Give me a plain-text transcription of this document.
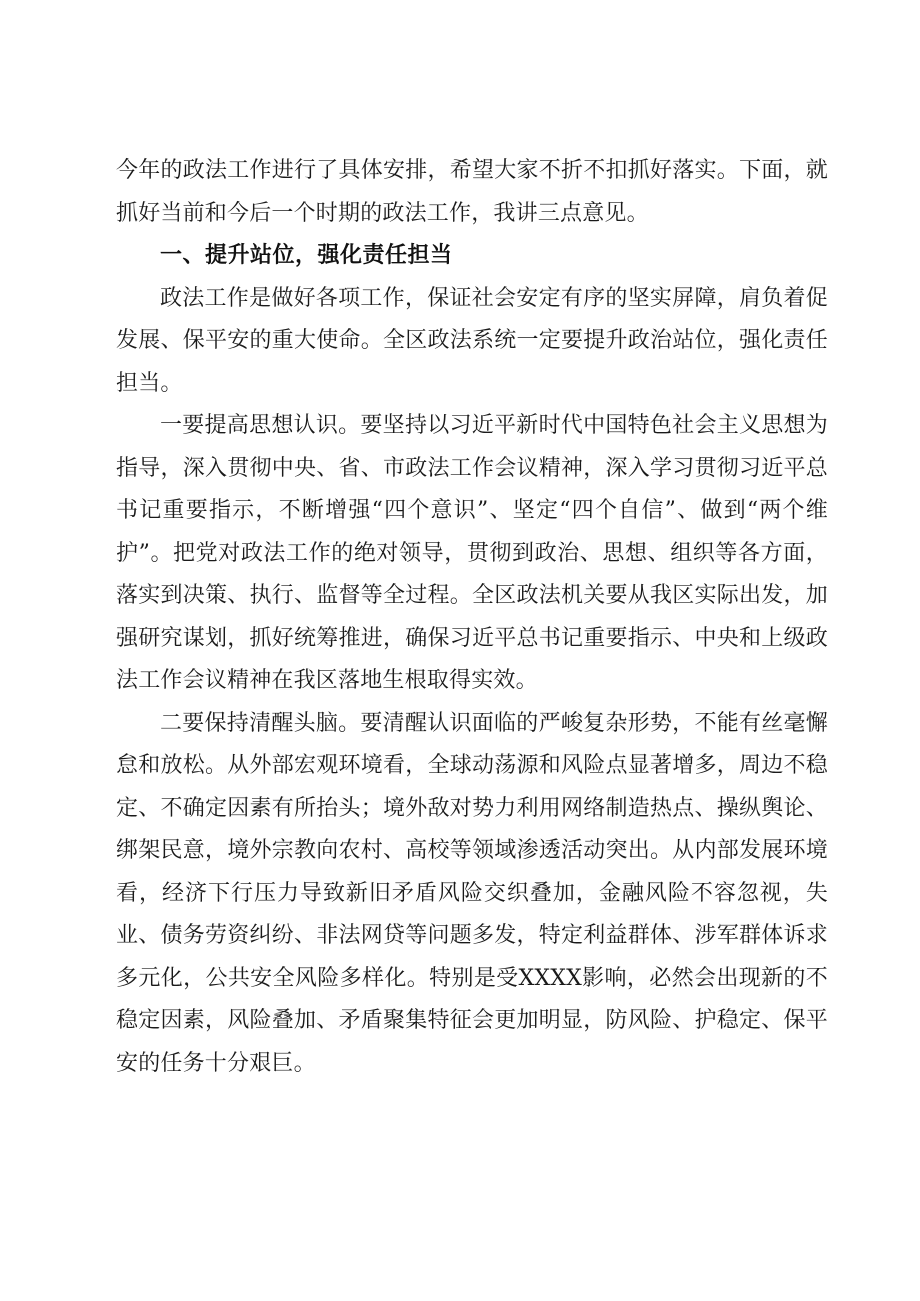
今年的政法工作进行了具体安排，希望大家不折不扣抓好落实。下面，就抓好当前和今后一个时期的政法工作，我讲三点意见。

一、提升站位，强化责任担当

政法工作是做好各项工作，保证社会安定有序的坚实屏障，肩负着促发展、保平安的重大使命。全区政法系统一定要提升政治站位，强化责任担当。

一要提高思想认识。要坚持以习近平新时代中国特色社会主义思想为指导，深入贯彻中央、省、市政法工作会议精神，深入学习贯彻习近平总书记重要指示，不断增强“四个意识”、坚定“四个自信”、做到“两个维护”。把党对政法工作的绝对领导，贯彻到政治、思想、组织等各方面，落实到决策、执行、监督等全过程。全区政法机关要从我区实际出发，加强研究谋划，抓好统筹推进，确保习近平总书记重要指示、中央和上级政法工作会议精神在我区落地生根取得实效。

二要保持清醒头脑。要清醒认识面临的严峻复杂形势，不能有丝毫懈怠和放松。从外部宏观环境看，全球动荡源和风险点显著增多，周边不稳定、不确定因素有所抬头；境外敌对势力利用网络制造热点、操纵舆论、绑架民意，境外宗教向农村、高校等领域渗透活动突出。从内部发展环境看，经济下行压力导致新旧矛盾风险交织叠加，金融风险不容忽视，失业、债务劳资纠纷、非法网贷等问题多发，特定利益群体、涉军群体诉求多元化，公共安全风险多样化。特别是受XXXX影响，必然会出现新的不稳定因素，风险叠加、矛盾聚集特征会更加明显，防风险、护稳定、保平安的任务十分艰巨。
